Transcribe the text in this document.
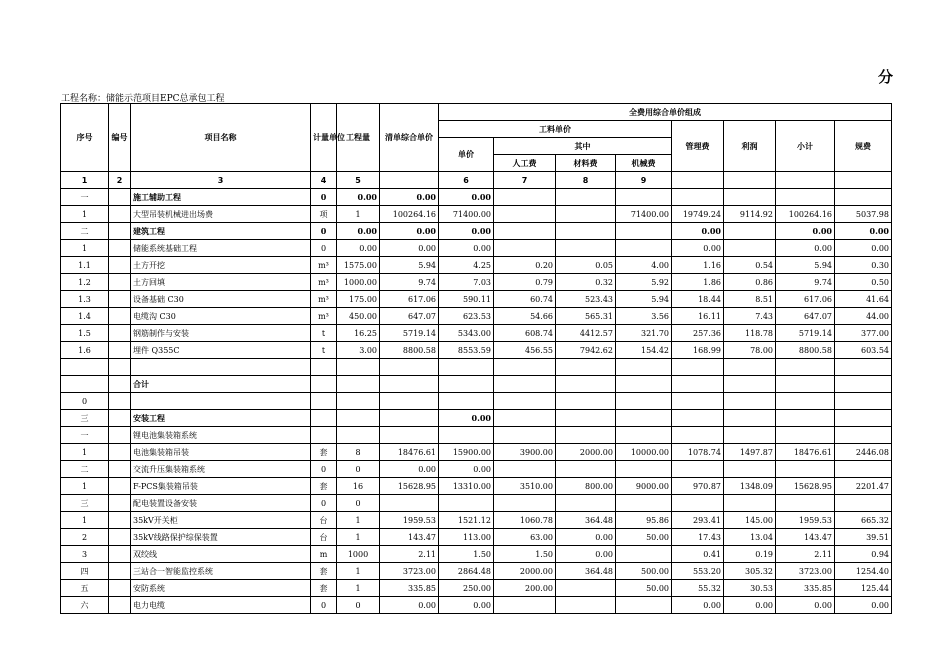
分
工程名称：储能示范项目EPC总承包工程
序号	编号	项目名称	计量单位	工程量	清单综合单价	全费用综合单价组成							
						工料单价				管理费	利润	小计	规费
						单价	其中						
							人工费	材料费	机械费				
1	2	3	4	5		6	7	8	9				
一		施工辅助工程	0	0.00	0.00	0.00							
1		大型吊装机械进出场费	项	1	100264.16	71400.00			71400.00	19749.24	9114.92	100264.16	5037.98
二		建筑工程	0	0.00	0.00	0.00				0.00		0.00	0.00
1		储能系统基础工程	0	0.00	0.00	0.00				0.00		0.00	0.00
1.1		土方开挖	m³	1575.00	5.94	4.25	0.20	0.05	4.00	1.16	0.54	5.94	0.30
1.2		土方回填	m³	1000.00	9.74	7.03	0.79	0.32	5.92	1.86	0.86	9.74	0.50
1.3		设备基础 C30	m³	175.00	617.06	590.11	60.74	523.43	5.94	18.44	8.51	617.06	41.64
1.4		电缆沟 C30	m³	450.00	647.07	623.53	54.66	565.31	3.56	16.11	7.43	647.07	44.00
1.5		钢筋制作与安装	t	16.25	5719.14	5343.00	608.74	4412.57	321.70	257.36	118.78	5719.14	377.00
1.6		埋件 Q355C	t	3.00	8800.58	8553.59	456.55	7942.62	154.42	168.99	78.00	8800.58	603.54

		合计											
0													
三		安装工程				0.00							
一		锂电池集装箱系统											
1		电池集装箱吊装	套	8	18476.61	15900.00	3900.00	2000.00	10000.00	1078.74	1497.87	18476.61	2446.08
二		交流升压集装箱系统	0	0	0.00	0.00							
1		F-PCS集装箱吊装	套	16	15628.95	13310.00	3510.00	800.00	9000.00	970.87	1348.09	15628.95	2201.47
三		配电装置设备安装	0	0									
1		35kV开关柜	台	1	1959.53	1521.12	1060.78	364.48	95.86	293.41	145.00	1959.53	665.32
2		35kV线路保护综保装置	台	1	143.47	113.00	63.00	0.00	50.00	17.43	13.04	143.47	39.51
3		双绞线	m	1000	2.11	1.50	1.50	0.00		0.41	0.19	2.11	0.94
四		三站合一智能监控系统	套	1	3723.00	2864.48	2000.00	364.48	500.00	553.20	305.32	3723.00	1254.40
五		安防系统	套	1	335.85	250.00	200.00		50.00	55.32	30.53	335.85	125.44
六		电力电缆	0	0	0.00	0.00				0.00	0.00	0.00	0.00
